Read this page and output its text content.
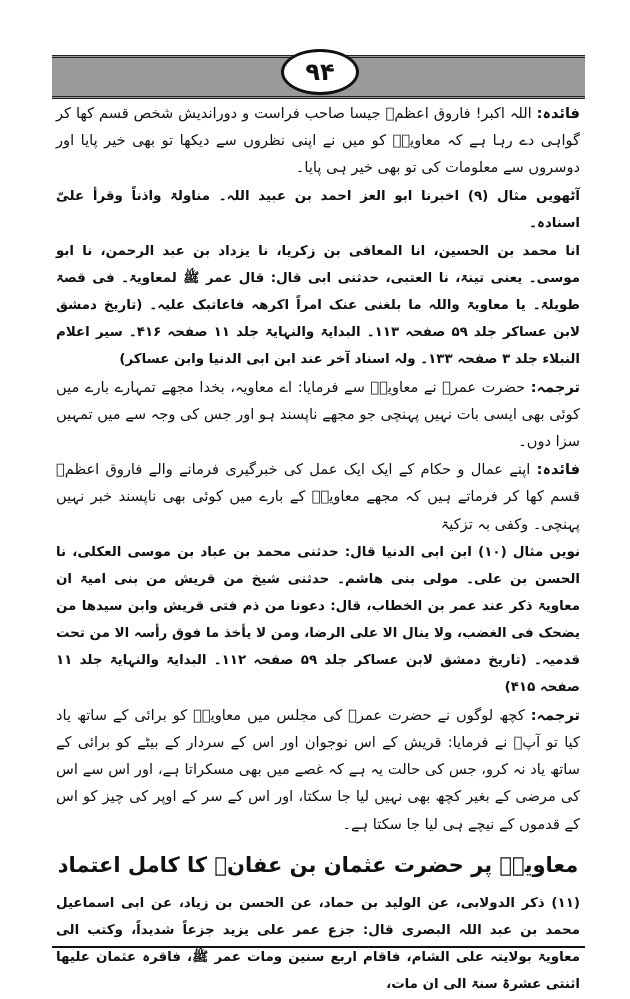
۹۴

فائدہ: اللہ اکبر! فاروق اعظمؓ جیسا صاحب فراست و دوراندیش شخص قسم کھا کر گواہی دے رہا ہے کہ معاویہؓ کو میں نے اپنی نظروں سے دیکھا تو بھی خیر پایا اور دوسروں سے معلومات کی تو بھی خیر ہی پایا۔

آٹھویں مثال (۹) اخبرنا ابو العز احمد بن عبید اللہ۔ مناولۃ واذناً وقرأ علیّ اسنادہ۔

انا محمد بن الحسین، انا المعافی بن زکریا، نا یزداد بن عبد الرحمن، نا ابو موسی۔ یعنی تینۃ، نا العتبی، حدثنی ابی قال: قال عمر ﷺ لمعاویۃ۔ فی قصۃ طویلۃ۔ یا معاویۃ واللہ ما بلغنی عنک امراً اکرھہ فاعاتبک علیہ۔ (تاریخ دمشق لابن عساکر جلد ۵۹ صفحہ ۱۱۳۔ البدایۃ والنہایۃ جلد ۱۱ صفحہ ۴۱۶۔ سیر اعلام النبلاء جلد ۳ صفحہ ۱۳۳۔ ولہ اسناد آخر عند ابن ابی الدنیا وابن عساکر)

ترجمہ: حضرت عمرؓ نے معاویہؓ سے فرمایا: اے معاویہ، بخدا مجھے تمہارے بارے میں کوئی بھی ایسی بات نہیں پہنچی جو مجھے ناپسند ہو اور جس کی وجہ سے میں تمہیں سزا دوں۔

فائدہ: اپنے عمال و حکام کے ایک ایک عمل کی خبرگیری فرمانے والے فاروق اعظمؓ قسم کھا کر فرماتے ہیں کہ مجھے معاویہؓ کے بارے میں کوئی بھی ناپسند خبر نہیں پہنچی۔ وکفی بہ تزکیۃ

نویں مثال (۱۰) ابن ابی الدنیا قال: حدثنی محمد بن عباد بن موسی العکلی، نا الحسن بن علی۔ مولی بنی ھاشم۔ حدثنی شیخ من قریش من بنی امیۃ ان معاویۃ ذکر عند عمر بن الخطاب، قال: دعونا من ذم فتی قریش وابن سیدھا من یضحک فی الغضب، ولا ینال الا علی الرضا، ومن لا یأخذ ما فوق رأسہ الا من تحت قدمیہ۔ (تاریخ دمشق لابن عساکر جلد ۵۹ صفحہ ۱۱۲۔ البدایۃ والنہایۃ جلد ۱۱ صفحہ ۴۱۵)

ترجمہ: کچھ لوگوں نے حضرت عمرؓ کی مجلس میں معاویہؓ کو برائی کے ساتھ یاد کیا تو آپؓ نے فرمایا: قریش کے اس نوجوان اور اس کے سردار کے بیٹے کو برائی کے ساتھ یاد نہ کرو، جس کی حالت یہ ہے کہ غصے میں بھی مسکراتا ہے، اور اس سے اس کی مرضی کے بغیر کچھ بھی نہیں لیا جا سکتا، اور اس کے سر کے اوپر کی چیز کو اس کے قدموں کے نیچے ہی لیا جا سکتا ہے۔

معاویہؓ پر حضرت عثمان بن عفانؓ کا کامل اعتماد

(۱۱) ذکر الدولابی، عن الولید بن حماد، عن الحسن بن زیاد، عن ابی اسماعیل محمد بن عبد اللہ البصری قال: جزع عمر علی یزید جزعاً شدیداً، وکتب الی معاویۃ بولایتہ علی الشام، فاقام اربع سنین ومات عمر ﷺ، فاقرہ عثمان علیھا اثنتی عشرۃ سنۃ الی ان مات،
